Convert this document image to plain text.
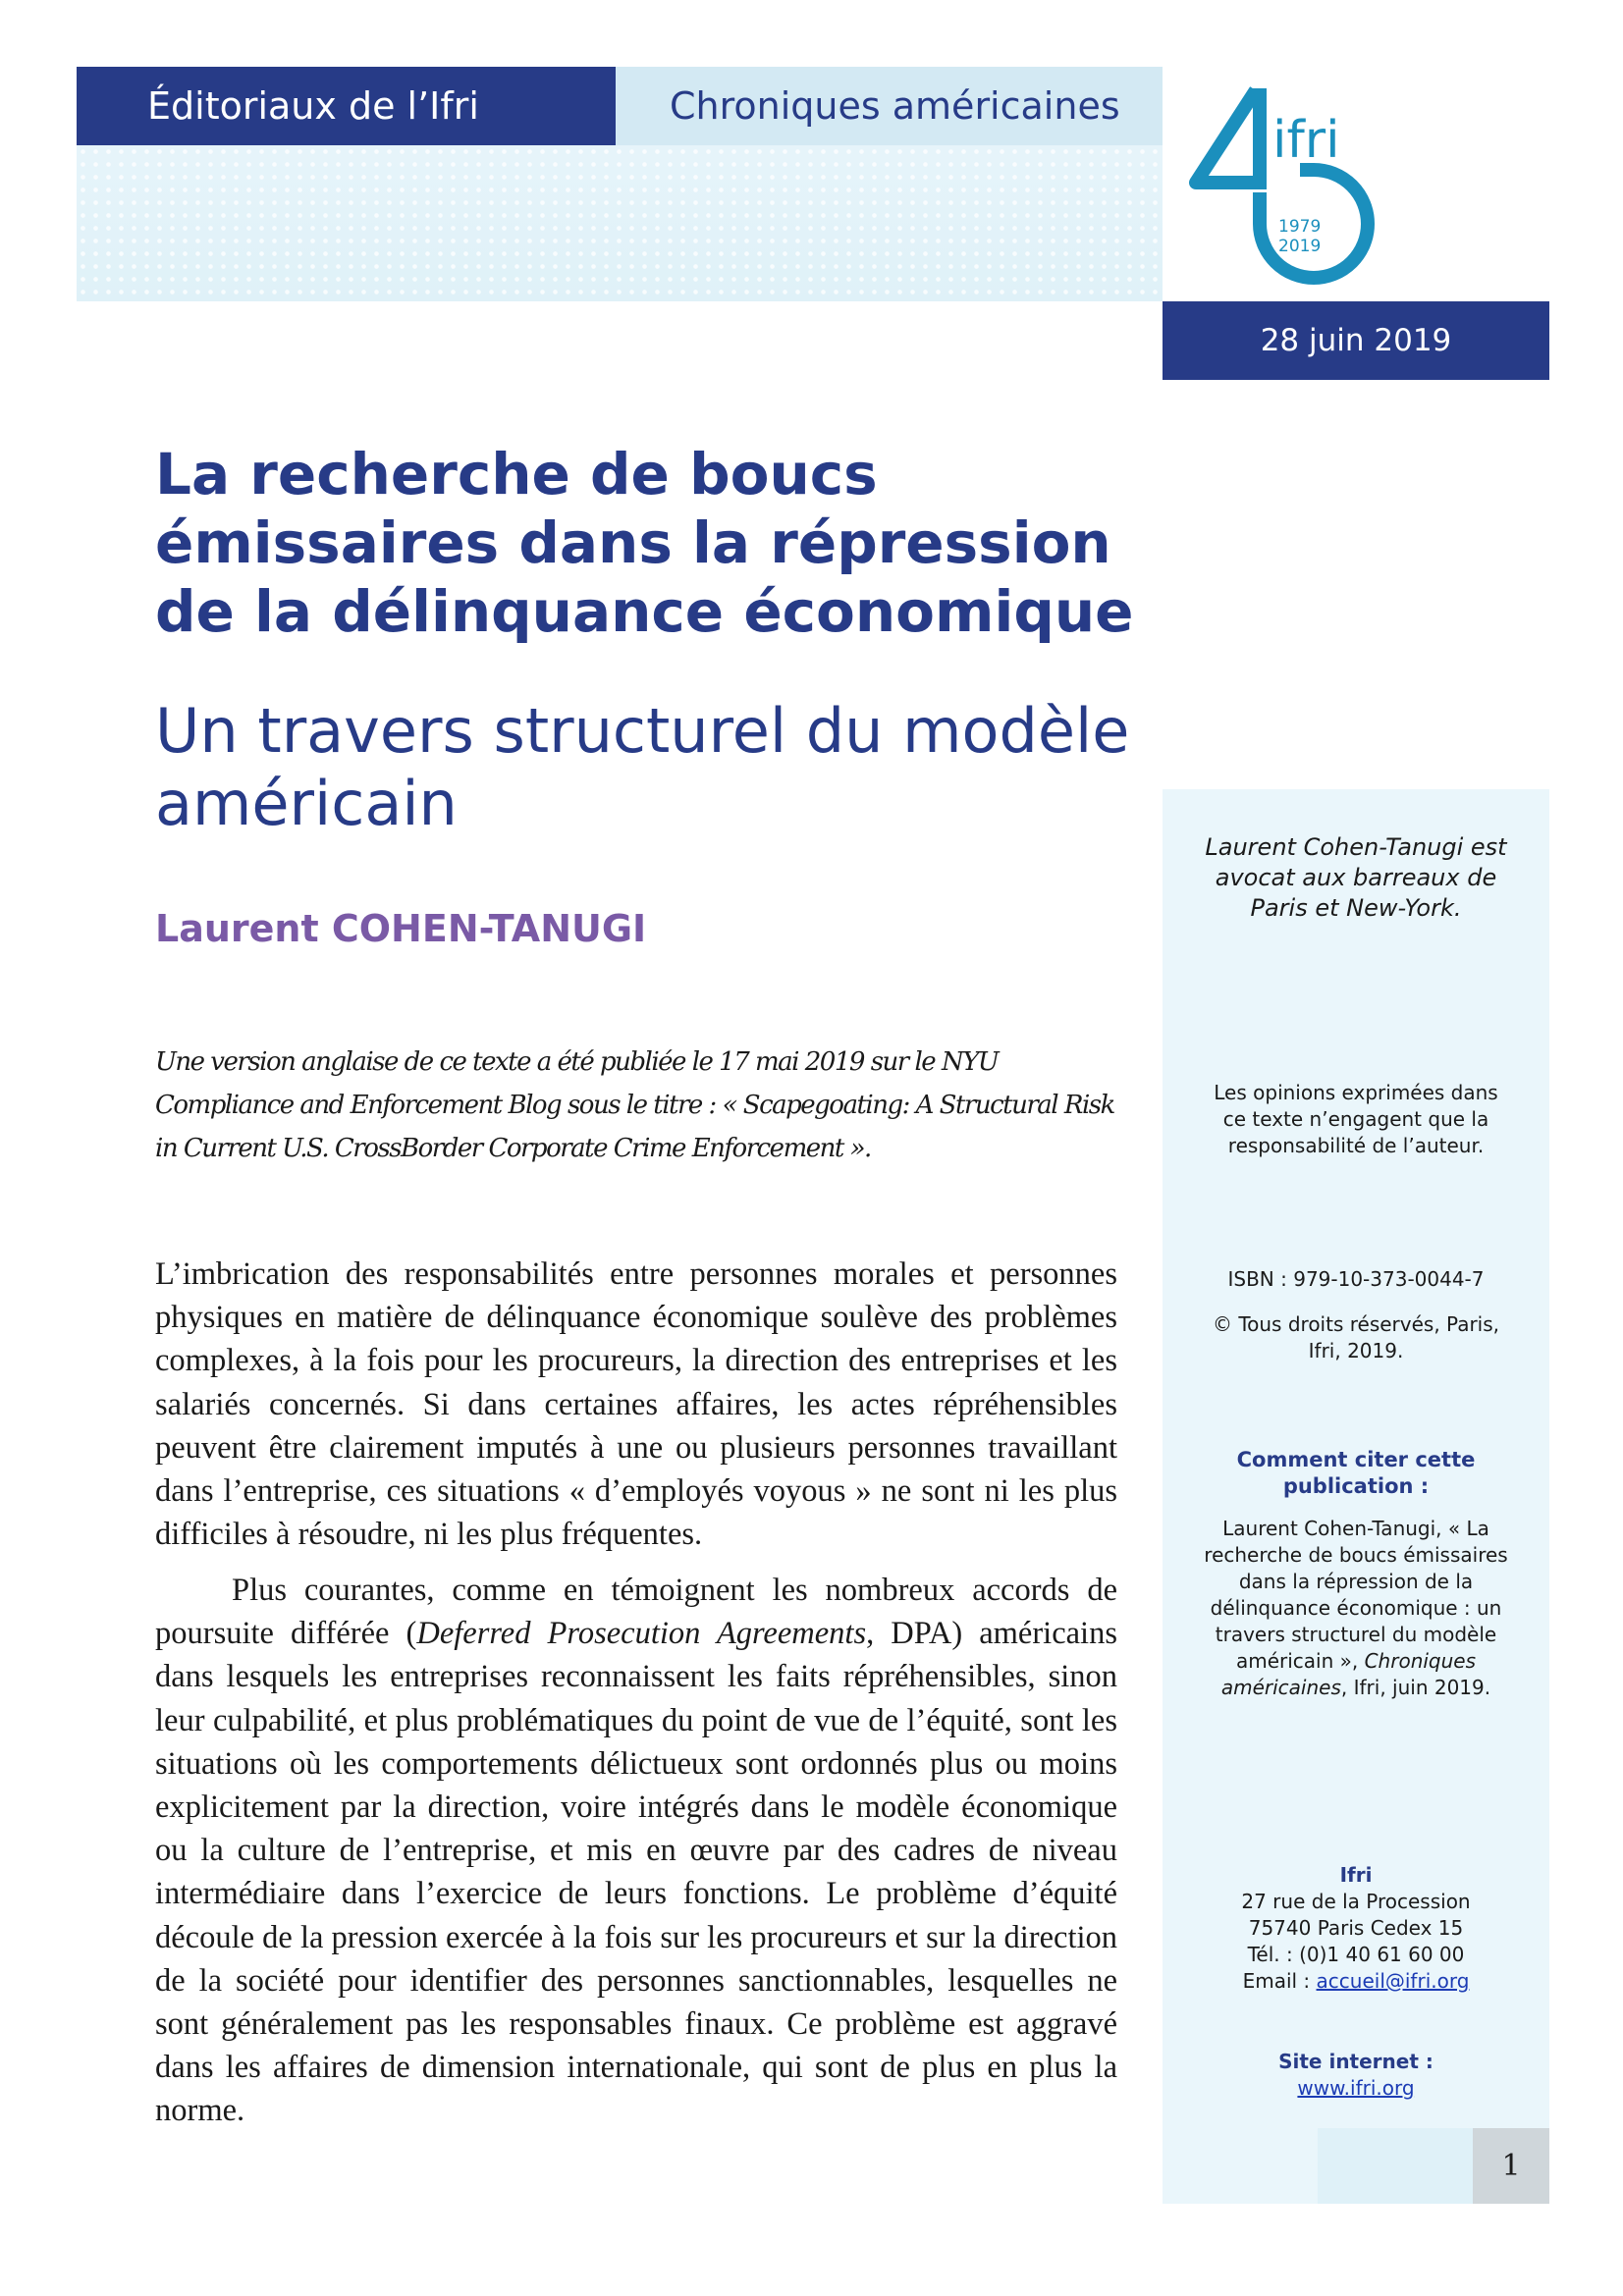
Éditoriaux de l’Ifri	Chroniques américaines
ifri
1979
2019
28 juin 2019
La recherche de boucs émissaires dans la répression de la délinquance économique
Un travers structurel du modèle américain
Laurent COHEN-TANUGI
Une version anglaise de ce texte a été publiée le 17 mai 2019 sur le NYU Compliance and Enforcement Blog sous le titre : « Scapegoating: A Structural Risk in Current U.S. CrossBorder Corporate Crime Enforcement ».

L’imbrication des responsabilités entre personnes morales et personnes physiques en matière de délinquance économique soulève des problèmes complexes, à la fois pour les procureurs, la direction des entreprises et les salariés concernés. Si dans certaines affaires, les actes répréhensibles peuvent être clairement imputés à une ou plusieurs personnes travaillant dans l’entreprise, ces situations « d’employés voyous » ne sont ni les plus difficiles à résoudre, ni les plus fréquentes.

Plus courantes, comme en témoignent les nombreux accords de poursuite différée (Deferred Prosecution Agreements, DPA) américains dans lesquels les entreprises reconnaissent les faits répréhensibles, sinon leur culpabilité, et plus problématiques du point de vue de l’équité, sont les situations où les comportements délictueux sont ordonnés plus ou moins explicitement par la direction, voire intégrés dans le modèle économique ou la culture de l’entreprise, et mis en œuvre par des cadres de niveau intermédiaire dans l’exercice de leurs fonctions. Le problème d’équité découle de la pression exercée à la fois sur les procureurs et sur la direction de la société pour identifier des personnes sanctionnables, lesquelles ne sont généralement pas les responsables finaux. Ce problème est aggravé dans les affaires de dimension internationale, qui sont de plus en plus la norme.

Laurent Cohen-Tanugi est avocat aux barreaux de Paris et New-York.
Les opinions exprimées dans ce texte n’engagent que la responsabilité de l’auteur.
ISBN : 979-10-373-0044-7
© Tous droits réservés, Paris, Ifri, 2019.
Comment citer cette publication :
Laurent Cohen-Tanugi, « La recherche de boucs émissaires dans la répression de la délinquance économique : un travers structurel du modèle américain », Chroniques américaines, Ifri, juin 2019.
Ifri
27 rue de la Procession
75740 Paris Cedex 15
Tél. : (0)1 40 61 60 00
Email : accueil@ifri.org
Site internet :
www.ifri.org
1
